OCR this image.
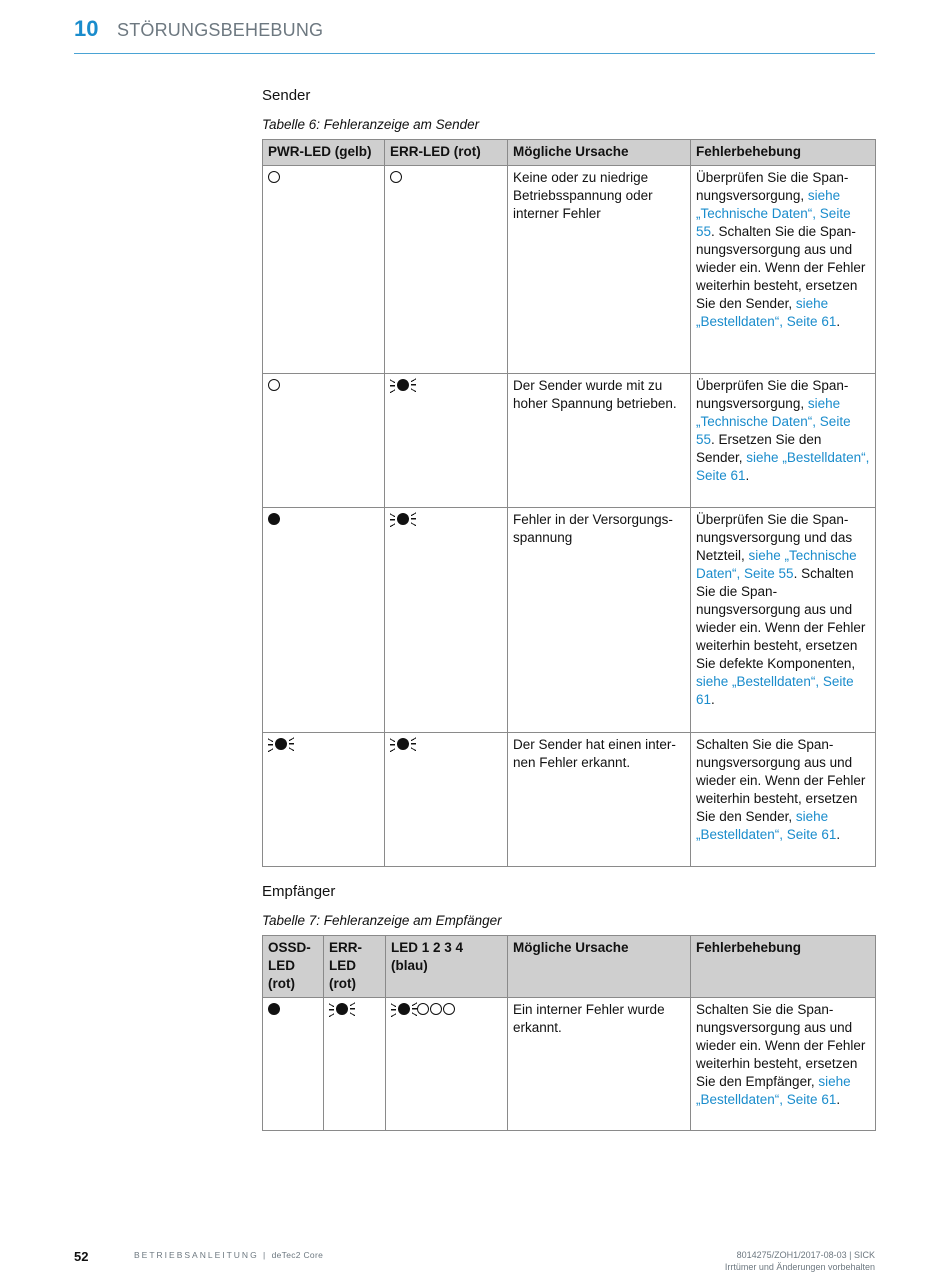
10 STÖRUNGSBEHEBUNG
Sender
Tabelle 6: Fehleranzeige am Sender
PWR-LED (gelb)	ERR-LED (rot)	Mögliche Ursache	Fehlerbehebung
		Keine oder zu niedrige Betriebsspannung oder interner Fehler	Überprüfen Sie die Spannungsversorgung, siehe „Technische Daten“, Seite 55. Schalten Sie die Spannungsversorgung aus und wieder ein. Wenn der Fehler weiterhin besteht, ersetzen Sie den Sender, siehe „Bestelldaten“, Seite 61.
		Der Sender wurde mit zu hoher Spannung betrieben.	Überprüfen Sie die Spannungsversorgung, siehe „Technische Daten“, Seite 55. Ersetzen Sie den Sender, siehe „Bestelldaten“, Seite 61.
		Fehler in der Versorgungsspannung	Überprüfen Sie die Spannungsversorgung und das Netzteil, siehe „Technische Daten“, Seite 55. Schalten Sie die Spannungsversorgung aus und wieder ein. Wenn der Fehler weiterhin besteht, ersetzen Sie defekte Komponenten, siehe „Bestelldaten“, Seite 61.
		Der Sender hat einen internen Fehler erkannt.	Schalten Sie die Spannungsversorgung aus und wieder ein. Wenn der Fehler weiterhin besteht, ersetzen Sie den Sender, siehe „Bestelldaten“, Seite 61.
Empfänger
Tabelle 7: Fehleranzeige am Empfänger
OSSD-LED (rot)	ERR-LED (rot)	LED 1 2 3 4 (blau)	Mögliche Ursache	Fehlerbehebung
			Ein interner Fehler wurde erkannt.	Schalten Sie die Spannungsversorgung aus und wieder ein. Wenn der Fehler weiterhin besteht, ersetzen Sie den Empfänger, siehe „Bestelldaten“, Seite 61.
52	BETRIEBSANLEITUNG | deTec2 Core	8014275/ZOH1/2017-08-03 | SICK
Irrtümer und Änderungen vorbehalten
